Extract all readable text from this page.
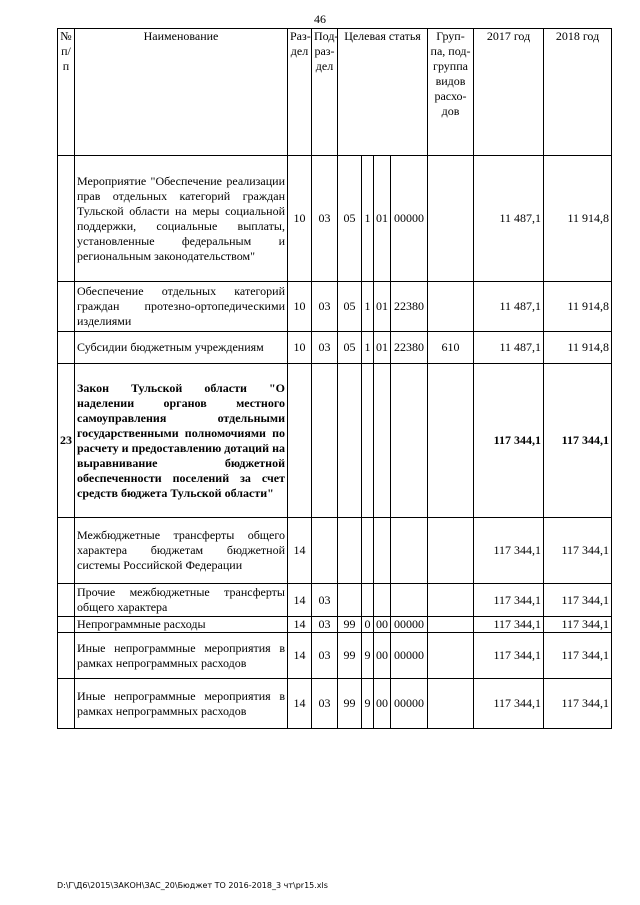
46
№ п/ п	Наименование	Раз- дел	Под- раз- дел	Целевая статья				Груп- па, под- группа видов расхо- дов	2017 год	2018 год
	Мероприятие "Обеспечение реализации прав отдельных категорий граждан Тульской области на меры социальной поддержки, социальные выплаты, установленные федеральным и региональным законодательством"	10	03	05	1	01	00000		11 487,1	11 914,8
	Обеспечение отдельных категорий граждан протезно-ортопедическими изделиями	10	03	05	1	01	22380		11 487,1	11 914,8
	Субсидии бюджетным учреждениям	10	03	05	1	01	22380	610	11 487,1	11 914,8
23	Закон Тульской области "О наделении органов местного самоуправления отдельными государственными полномочиями по расчету и предоставлению дотаций на выравнивание бюджетной обеспеченности поселений за счет средств бюджета Тульской области"								117 344,1	117 344,1
	Межбюджетные трансферты общего характера бюджетам бюджетной системы Российской Федерации	14							117 344,1	117 344,1
	Прочие межбюджетные трансферты общего характера	14	03						117 344,1	117 344,1
	Непрограммные расходы	14	03	99	0	00	00000		117 344,1	117 344,1
	Иные непрограммные мероприятия в рамках непрограммных расходов	14	03	99	9	00	00000		117 344,1	117 344,1
	Иные непрограммные мероприятия в рамках непрограммных расходов	14	03	99	9	00	00000		117 344,1	117 344,1
D:\Г\Д6\2015\ЗАКОН\ЗАС_20\Бюджет ТО 2016-2018_3 чт\pr15.xls
